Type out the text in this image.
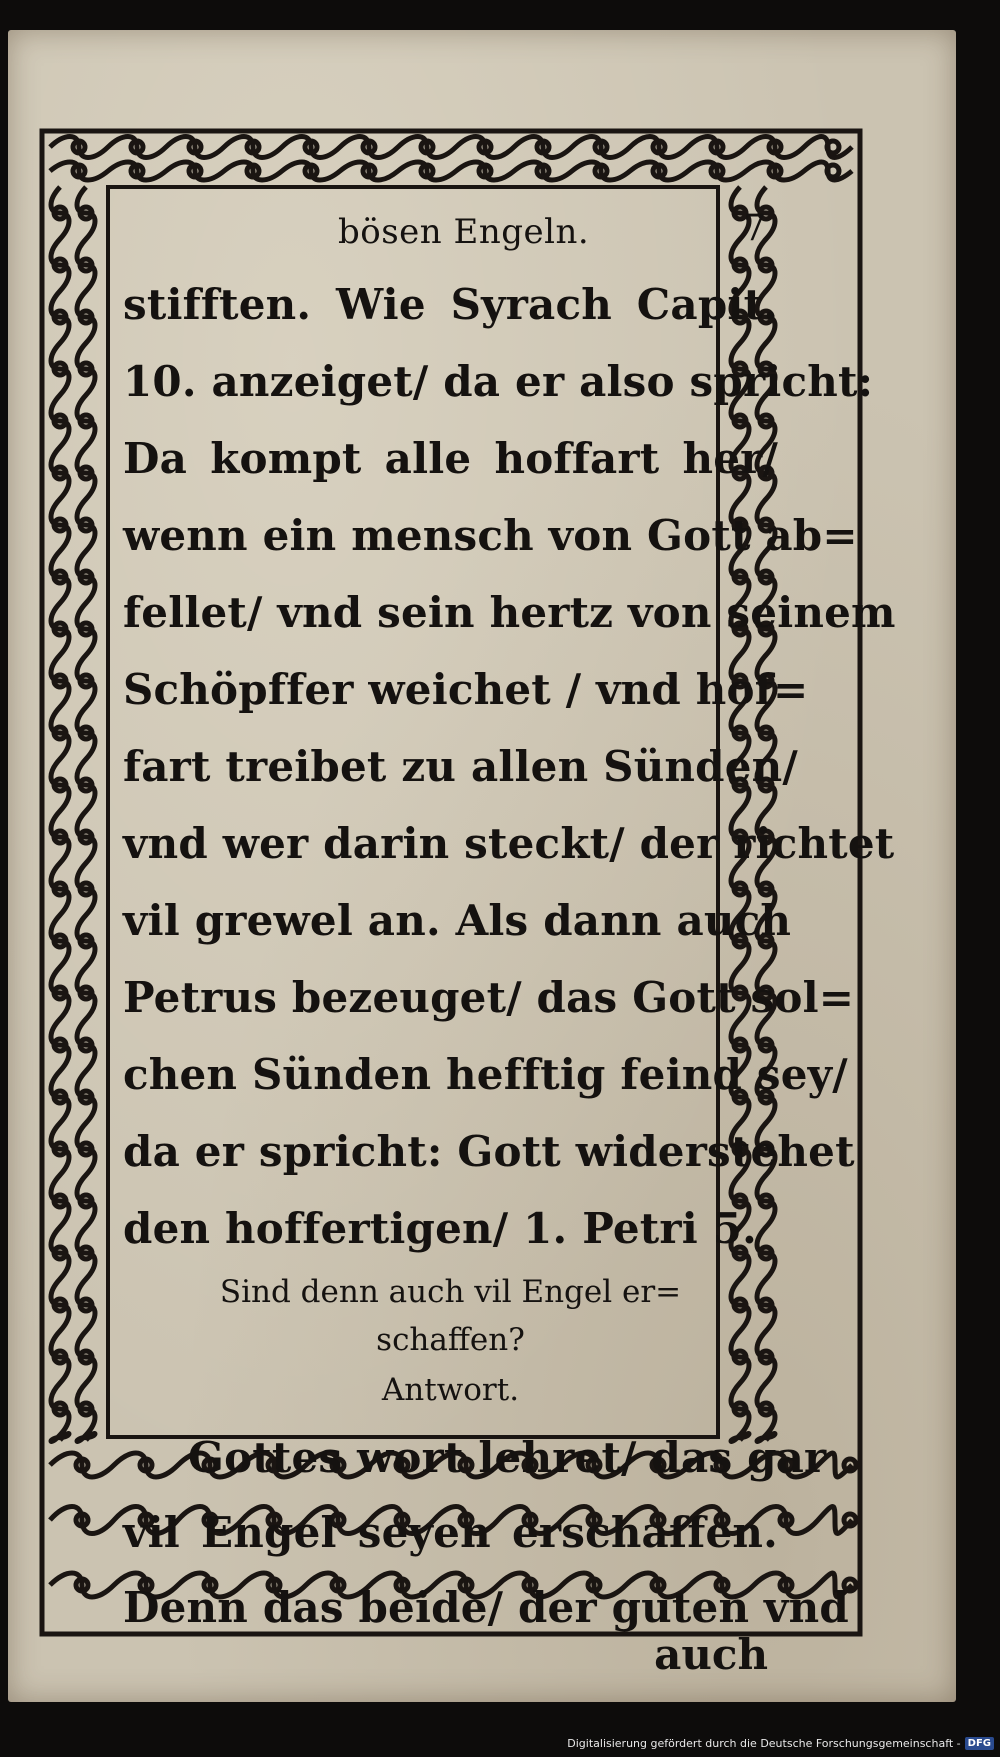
bösen Engeln.	7
stifften. Wie Syrach Capit.
10. anzeiget/ da er also spricht:
Da kompt alle hoffart her/
wenn ein mensch von Gott ab=
fellet/ vnd sein hertz von seinem
Schöpffer weichet / vnd hof=
fart treibet zu allen Sünden/
vnd wer darin steckt/ der richtet
vil grewel an. Als dann auch
Petrus bezeuget/ das Gott sol=
chen Sünden hefftig feind sey/
da er spricht: Gott widerstehet
den hoffertigen/ 1. Petri 5.
Sind denn auch vil Engel er=
schaffen?
Antwort.
Gottes wort lehret/ das gar
vil Engel seyen erschaffen.
Denn das beide/ der guten vnd
auch
Digitalisierung gefördert durch die Deutsche Forschungsgemeinschaft - DFG
